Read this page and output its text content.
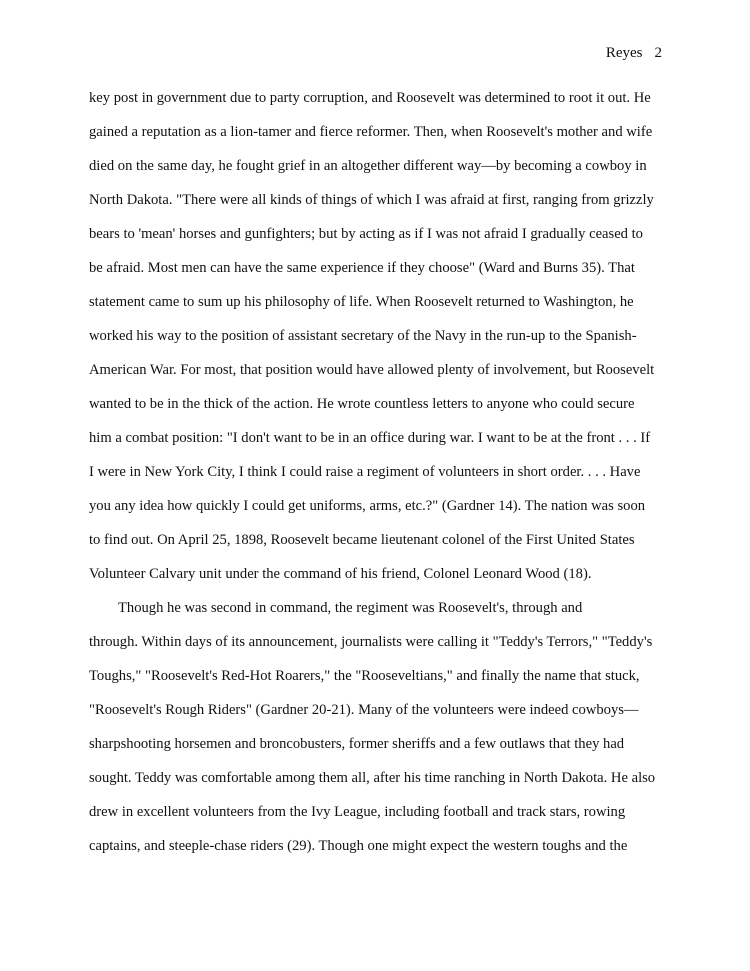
Reyes 2
key post in government due to party corruption, and Roosevelt was determined to root it out. He
gained a reputation as a lion-tamer and fierce reformer. Then, when Roosevelt's mother and wife
died on the same day, he fought grief in an altogether different way—by becoming a cowboy in
North Dakota. "There were all kinds of things of which I was afraid at first, ranging from grizzly
bears to 'mean' horses and gunfighters; but by acting as if I was not afraid I gradually ceased to
be afraid. Most men can have the same experience if they choose" (Ward and Burns 35). That
statement came to sum up his philosophy of life. When Roosevelt returned to Washington, he
worked his way to the position of assistant secretary of the Navy in the run-up to the Spanish-
American War. For most, that position would have allowed plenty of involvement, but Roosevelt
wanted to be in the thick of the action. He wrote countless letters to anyone who could secure
him a combat position: "I don't want to be in an office during war. I want to be at the front . . . If
I were in New York City, I think I could raise a regiment of volunteers in short order. . . . Have
you any idea how quickly I could get uniforms, arms, etc.?" (Gardner 14). The nation was soon
to find out. On April 25, 1898, Roosevelt became lieutenant colonel of the First United States
Volunteer Calvary unit under the command of his friend, Colonel Leonard Wood (18).
Though he was second in command, the regiment was Roosevelt's, through and
through. Within days of its announcement, journalists were calling it "Teddy's Terrors," "Teddy's
Toughs," "Roosevelt's Red-Hot Roarers," the "Rooseveltians," and finally the name that stuck,
"Roosevelt's Rough Riders" (Gardner 20-21). Many of the volunteers were indeed cowboys—
sharpshooting horsemen and broncobusters, former sheriffs and a few outlaws that they had
sought. Teddy was comfortable among them all, after his time ranching in North Dakota. He also
drew in excellent volunteers from the Ivy League, including football and track stars, rowing
captains, and steeple-chase riders (29). Though one might expect the western toughs and the
